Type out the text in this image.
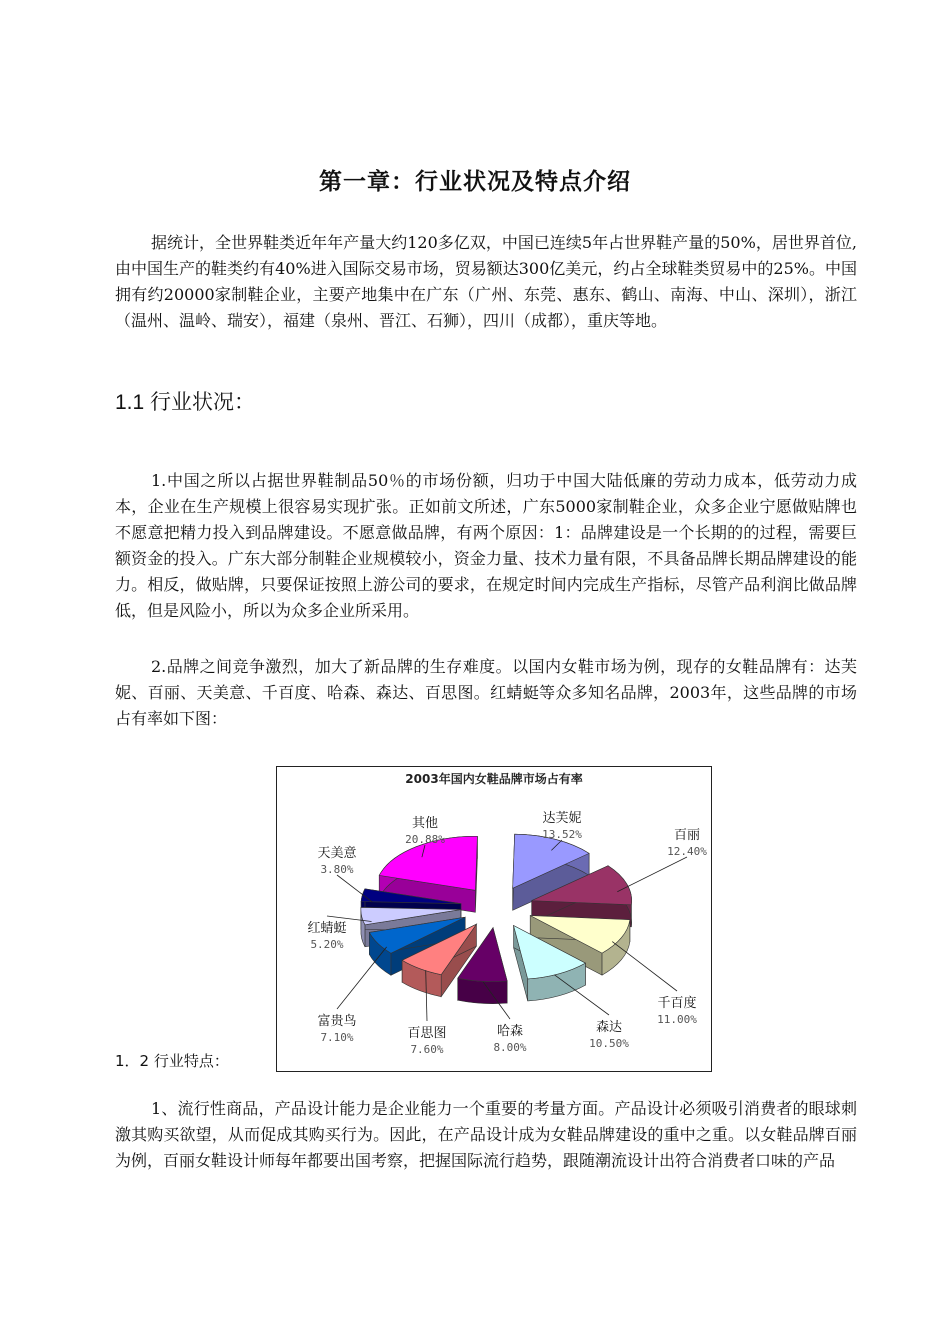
第一章：行业状况及特点介绍

据统计，全世界鞋类近年年产量大约120多亿双，中国已连续5年占世界鞋产量的50%，居世界首位,由中国生产的鞋类约有40%进入国际交易市场，贸易额达300亿美元，约占全球鞋类贸易中的25%。中国拥有约20000家制鞋企业，主要产地集中在广东（广州、东莞、惠东、鹤山、南海、中山、深圳），浙江（温州、温岭、瑞安），福建（泉州、晋江、石狮），四川（成都），重庆等地。

1.1 行业状况：

1.中国之所以占据世界鞋制品50％的市场份额，归功于中国大陆低廉的劳动力成本，低劳动力成本，企业在生产规模上很容易实现扩张。正如前文所述，广东5000家制鞋企业，众多企业宁愿做贴牌也不愿意把精力投入到品牌建设。不愿意做品牌，有两个原因：1：品牌建设是一个长期的的过程，需要巨额资金的投入。广东大部分制鞋企业规模较小，资金力量、技术力量有限，不具备品牌长期品牌建设的能力。相反，做贴牌，只要保证按照上游公司的要求，在规定时间内完成生产指标，尽管产品利润比做品牌低，但是风险小，所以为众多企业所采用。

2.品牌之间竞争激烈，加大了新品牌的生存难度。以国内女鞋市场为例，现存的女鞋品牌有：达芙妮、百丽、天美意、千百度、哈森、森达、百思图。红蜻蜓等众多知名品牌，2003年，这些品牌的市场占有率如下图：

2003年国内女鞋品牌市场占有率
达芙妮
13.52%	百丽
12.40%
千百度
11.00%
森达
10.50%
哈森
8.00%
百思图
7.60%
富贵鸟
7.10%
红蜻蜓
5.20%
天美意
3.80%
其他
20.88%
1．2 行业特点：

1、流行性商品，产品设计能力是企业能力一个重要的考量方面。产品设计必须吸引消费者的眼球刺激其购买欲望，从而促成其购买行为。因此，在产品设计成为女鞋品牌建设的重中之重。以女鞋品牌百丽为例，百丽女鞋设计师每年都要出国考察，把握国际流行趋势，跟随潮流设计出符合消费者口味的产品
